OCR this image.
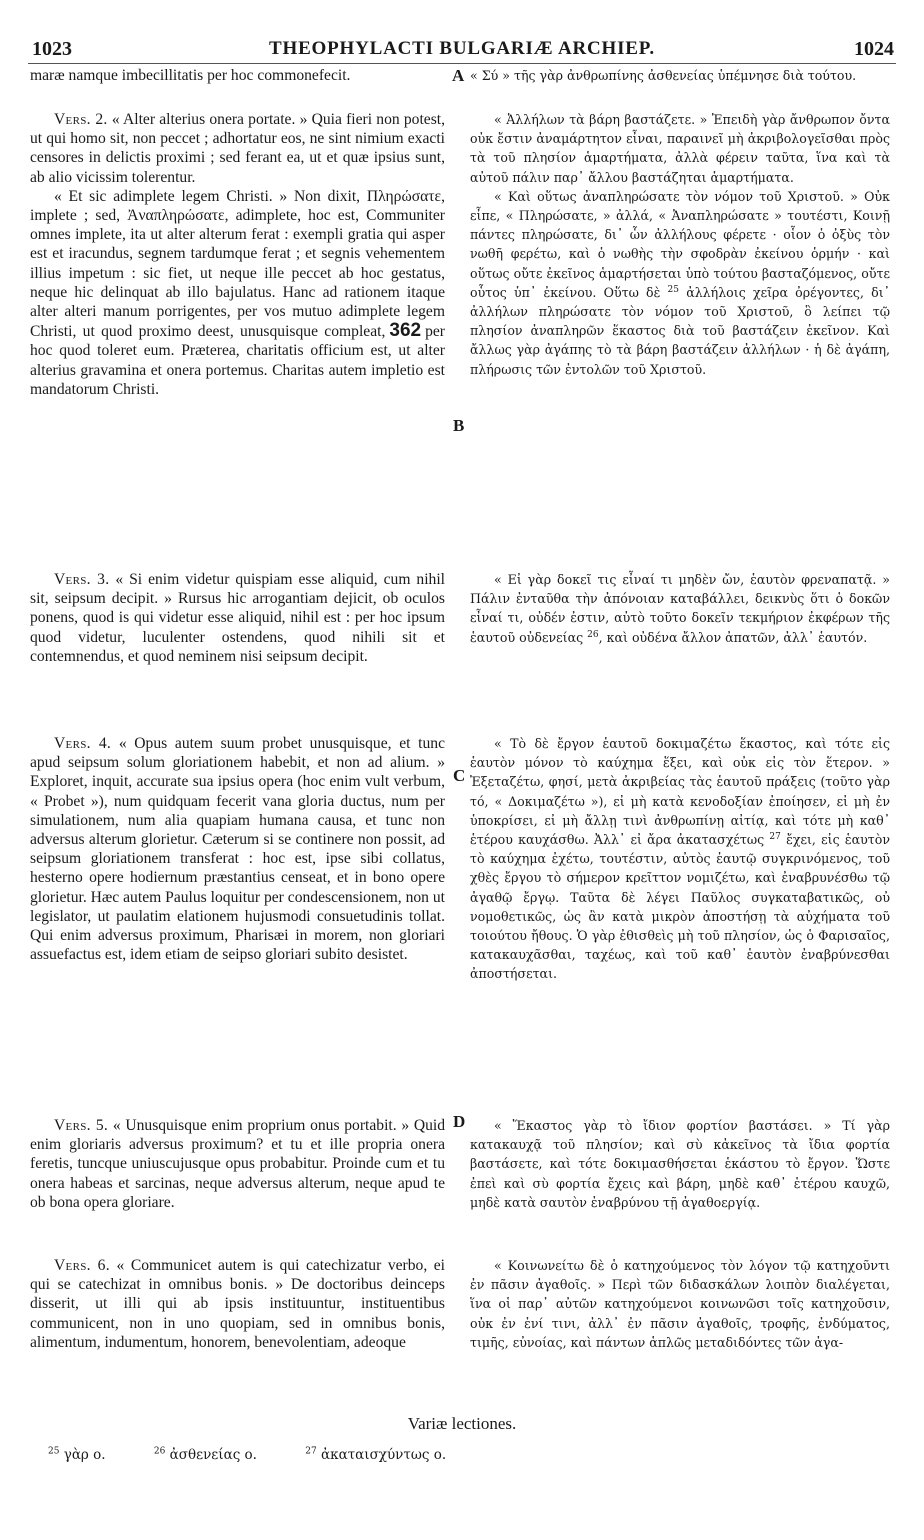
1023	THEOPHYLACTI BULGARIÆ ARCHIEP.	1024

maræ namque imbecillitatis per hoc commonefecit.

Vers. 2. « Alter alterius onera portate. » Quia fieri non potest, ut qui homo sit, non peccet ; adhortatur eos, ne sint nimium exacti censores in delictis proximi ; sed ferant ea, ut et quæ ipsius sunt, ab alio vicissim tolerentur.

« Et sic adimplete legem Christi. » Non dixit, Πληρώσατε, implete ; sed, Ἀναπληρώσατε, adimplete, hoc est, Communiter omnes implete, ita ut alter alterum ferat : exempli gratia qui asper est et iracundus, segnem tardumque ferat ; et segnis vehementem illius impetum : sic fiet, ut neque ille peccet ab hoc gestatus, neque hic delinquat ab illo bajulatus. Hanc ad rationem itaque alter alteri manum porrigentes, per vos mutuo adimplete legem Christi, ut quod proximo deest, unusquisque compleat, 362 per hoc quod toleret eum. Præterea, charitatis officium est, ut alter alterius gravamina et onera portemus. Charitas autem impletio est mandatorum Christi.

Vers. 3. « Si enim videtur quispiam esse aliquid, cum nihil sit, seipsum decipit. » Rursus hic arrogantiam dejicit, ob oculos ponens, quod is qui videtur esse aliquid, nihil est : per hoc ipsum quod videtur, luculenter ostendens, quod nihili sit et contemnendus, et quod neminem nisi seipsum decipit.

Vers. 4. « Opus autem suum probet unusquisque, et tunc apud seipsum solum gloriationem habebit, et non ad alium. » Exploret, inquit, accurate sua ipsius opera (hoc enim vult verbum, « Probet »), num quidquam fecerit vana gloria ductus, num per simulationem, num alia quapiam humana causa, et tunc non adversus alterum glorietur. Cæterum si se continere non possit, ad seipsum gloriationem transferat : hoc est, ipse sibi collatus, hesterno opere hodiernum præstantius censeat, et in bono opere glorietur. Hæc autem Paulus loquitur per condescensionem, non ut legislator, ut paulatim elationem hujusmodi consuetudinis tollat. Qui enim adversus proximum, Pharisæi in morem, non gloriari assuefactus est, idem etiam de seipso gloriari subito desistet.

Vers. 5. « Unusquisque enim proprium onus portabit. » Quid enim gloriaris adversus proximum? et tu et ille propria onera feretis, tuncque uniuscujusque opus probabitur. Proinde cum et tu onera habeas et sarcinas, neque adversus alterum, neque apud te ob bona opera gloriare.

Vers. 6. « Communicet autem is qui catechizatur verbo, ei qui se catechizat in omnibus bonis. » De doctoribus deinceps disserit, ut illi qui ab ipsis instituuntur, instituentibus communicent, non in uno quopiam, sed in omnibus bonis, alimentum, indumentum, honorem, benevolentiam, adeoque

A
B
C
D

« Σύ » τῆς γὰρ ἀνθρωπίνης ἀσθενείας ὑπέμνησε διὰ τούτου.

« Ἀλλήλων τὰ βάρη βαστάζετε. » Ἐπειδὴ γὰρ ἄνθρωπον ὄντα οὐκ ἔστιν ἀναμάρτητον εἶναι, παραινεῖ μὴ ἀκριβολογεῖσθαι πρὸς τὰ τοῦ πλησίον ἁμαρτήματα, ἀλλὰ φέρειν ταῦτα, ἵνα καὶ τὰ αὐτοῦ πάλιν παρ᾽ ἄλλου βαστάζηται ἁμαρτήματα.

« Καὶ οὕτως ἀναπληρώσατε τὸν νόμον τοῦ Χριστοῦ. » Οὐκ εἶπε, « Πληρώσατε, » ἀλλά, « Ἀναπληρώσατε » τουτέστι, Κοινῇ πάντες πληρώσατε, δι᾽ ὧν ἀλλήλους φέρετε · οἷον ὁ ὀξὺς τὸν νωθῆ φερέτω, καὶ ὁ νωθὴς τὴν σφοδρὰν ἐκείνου ὁρμήν · καὶ οὕτως οὔτε ἐκεῖνος ἁμαρτήσεται ὑπὸ τούτου βασταζόμενος, οὔτε οὗτος ὑπ᾽ ἐκείνου. Οὕτω δὲ $^{25}$ ἀλλήλοις χεῖρα ὀρέγοντες, δι᾽ ἀλλήλων πληρώσατε τὸν νόμον τοῦ Χριστοῦ, ὃ λείπει τῷ πλησίον ἀναπληρῶν ἕκαστος διὰ τοῦ βαστάζειν ἐκεῖνον. Καὶ ἄλλως γὰρ ἀγάπης τὸ τὰ βάρη βαστάζειν ἀλλήλων · ἡ δὲ ἀγάπη, πλήρωσις τῶν ἐντολῶν τοῦ Χριστοῦ.

« Εἰ γὰρ δοκεῖ τις εἶναί τι μηδὲν ὤν, ἑαυτὸν φρεναπατᾷ. » Πάλιν ἐνταῦθα τὴν ἀπόνοιαν καταβάλλει, δεικνὺς ὅτι ὁ δοκῶν εἶναί τι, οὐδέν ἐστιν, αὐτὸ τοῦτο δοκεῖν τεκμήριον ἐκφέρων τῆς ἑαυτοῦ οὐδενείας $^{26}$, καὶ οὐδένα ἄλλον ἀπατῶν, ἀλλ᾽ ἑαυτόν.

« Τὸ δὲ ἔργον ἑαυτοῦ δοκιμαζέτω ἕκαστος, καὶ τότε εἰς ἑαυτὸν μόνον τὸ καύχημα ἕξει, καὶ οὐκ εἰς τὸν ἕτερον. » Ἐξεταζέτω, φησί, μετὰ ἀκριβείας τὰς ἑαυτοῦ πράξεις (τοῦτο γὰρ τό, « Δοκιμαζέτω »), εἰ μὴ κατὰ κενοδοξίαν ἐποίησεν, εἰ μὴ ἐν ὑποκρίσει, εἰ μὴ ἄλλῃ τινὶ ἀνθρωπίνῃ αἰτίᾳ, καὶ τότε μὴ καθ᾽ ἑτέρου καυχάσθω. Ἀλλ᾽ εἰ ἄρα ἀκατασχέτως $^{27}$ ἔχει, εἰς ἑαυτὸν τὸ καύχημα ἐχέτω, τουτέστιν, αὐτὸς ἑαυτῷ συγκρινόμενος, τοῦ χθὲς ἔργου τὸ σήμερον κρεῖττον νομιζέτω, καὶ ἐναβρυνέσθω τῷ ἀγαθῷ ἔργῳ. Ταῦτα δὲ λέγει Παῦλος συγκαταβατικῶς, οὐ νομοθετικῶς, ὡς ἂν κατὰ μικρὸν ἀποστήσῃ τὰ αὐχήματα τοῦ τοιούτου ἤθους. Ὁ γὰρ ἐθισθεὶς μὴ τοῦ πλησίον, ὡς ὁ Φαρισαῖος, κατακαυχᾶσθαι, ταχέως, καὶ τοῦ καθ᾽ ἑαυτὸν ἐναβρύνεσθαι ἀποστήσεται.

« Ἕκαστος γὰρ τὸ ἴδιον φορτίον βαστάσει. » Τί γὰρ κατακαυχᾷ τοῦ πλησίον; καὶ σὺ κἀκεῖνος τὰ ἴδια φορτία βαστάσετε, καὶ τότε δοκιμασθήσεται ἑκάστου τὸ ἔργον. Ὥστε ἐπεὶ καὶ σὺ φορτία ἔχεις καὶ βάρη, μηδὲ καθ᾽ ἑτέρου καυχῶ, μηδὲ κατὰ σαυτὸν ἐναβρύνου τῇ ἀγαθοεργίᾳ.

« Κοινωνείτω δὲ ὁ κατηχούμενος τὸν λόγον τῷ κατηχοῦντι ἐν πᾶσιν ἀγαθοῖς. » Περὶ τῶν διδασκάλων λοιπὸν διαλέγεται, ἵνα οἱ παρ᾽ αὐτῶν κατηχούμενοι κοινωνῶσι τοῖς κατηχοῦσιν, οὐκ ἐν ἑνί τινι, ἀλλ᾽ ἐν πᾶσιν ἀγαθοῖς, τροφῆς, ἐνδύματος, τιμῆς, εὐνοίας, καὶ πάντων ἁπλῶς μεταδιδόντες τῶν ἀγα-

Variæ lectiones.
$^{25}$ γὰρ ο.	$^{26}$ ἀσθενείας ο.	$^{27}$ ἀκαταισχύντως ο.
